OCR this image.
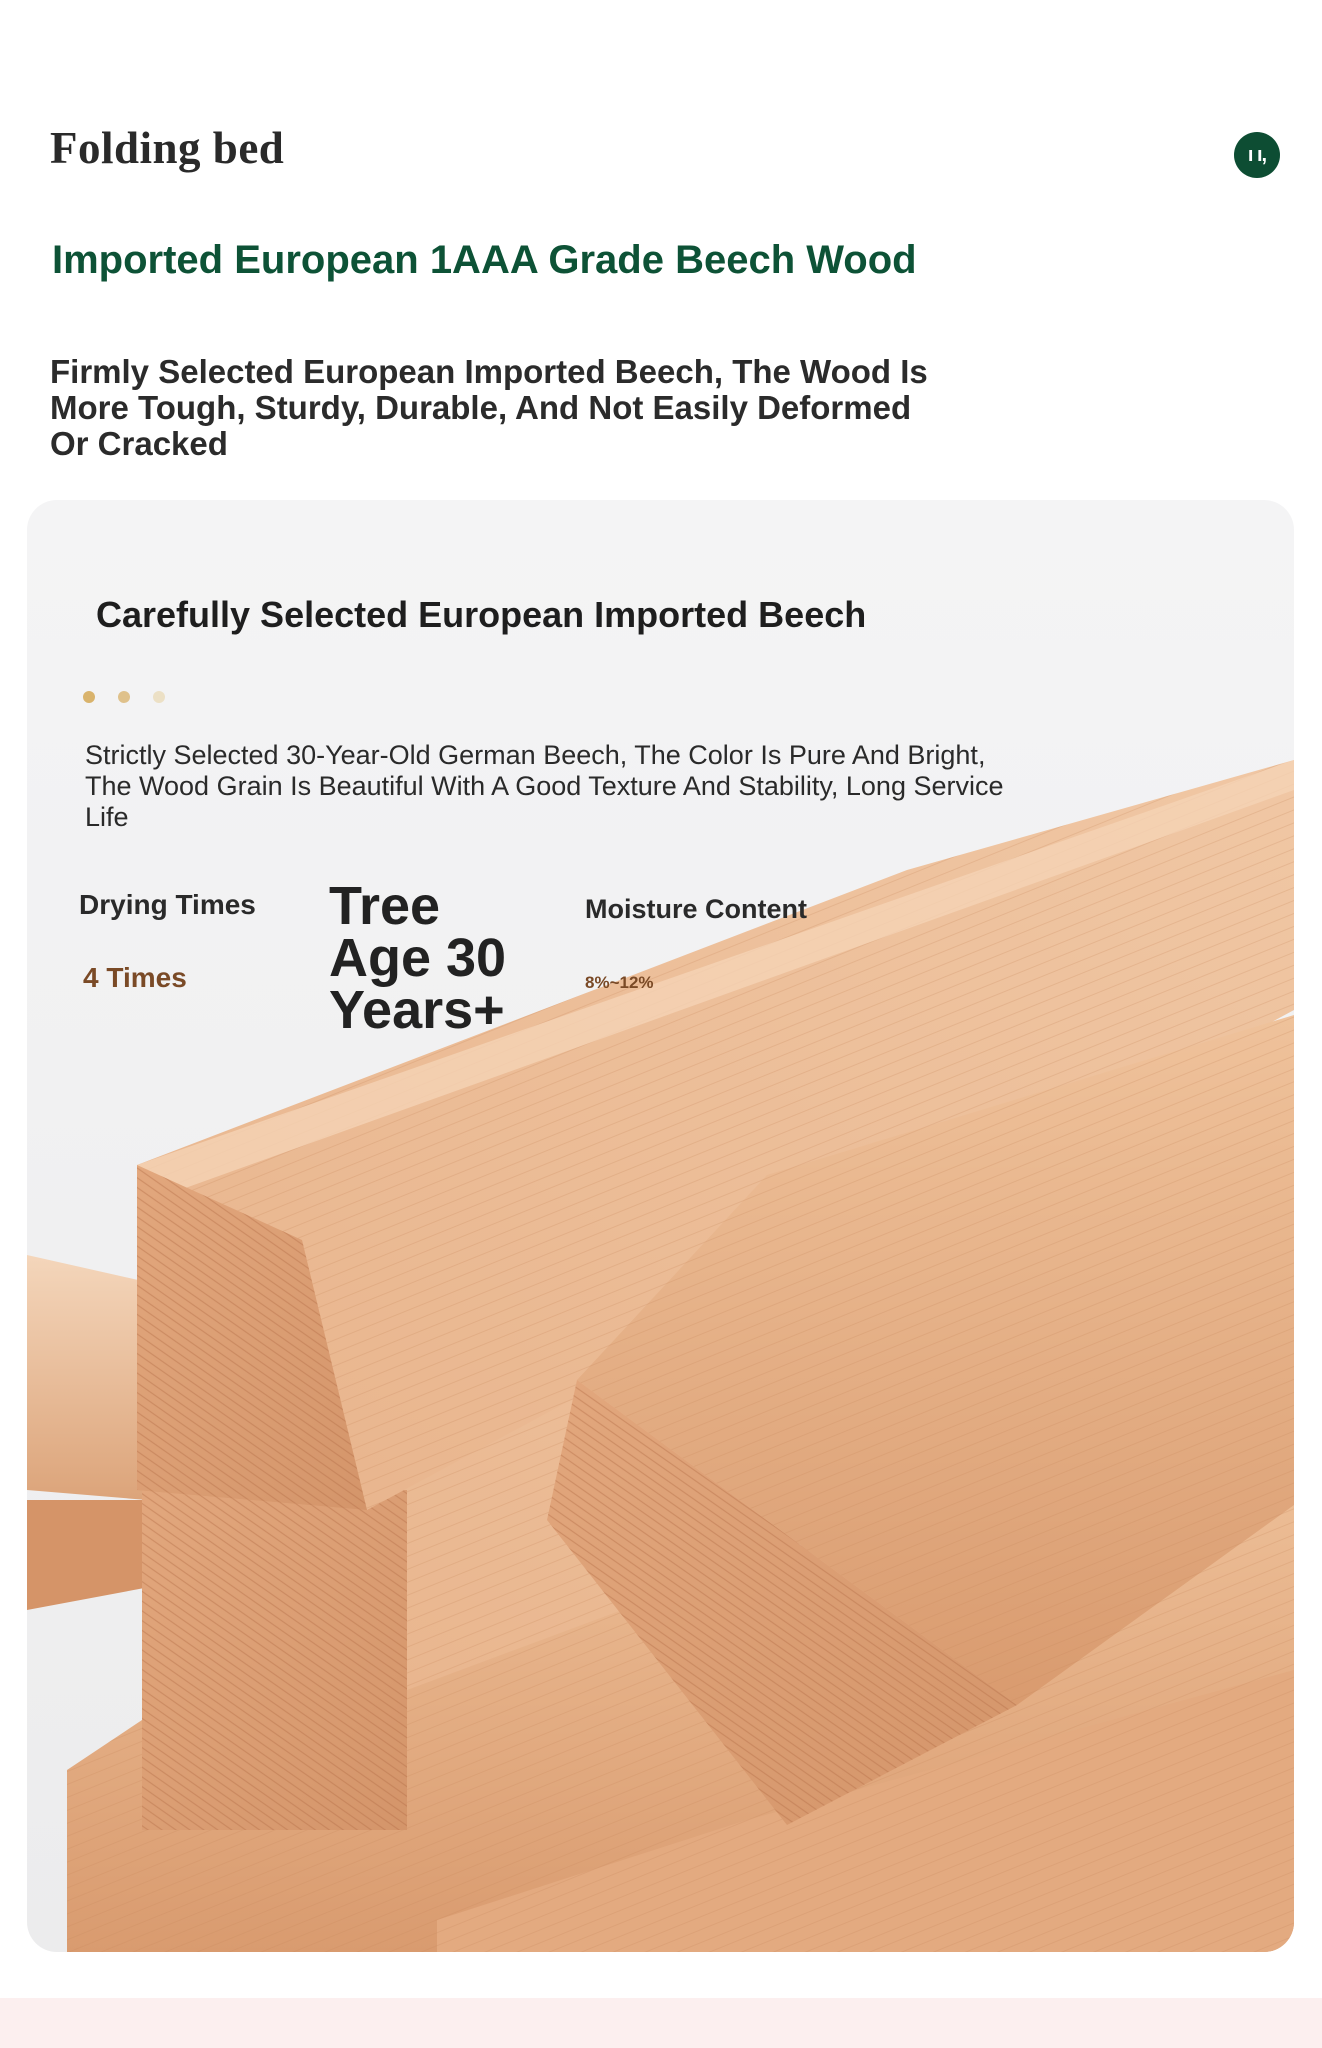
Folding bed	ı ı,
Imported European 1AAA Grade Beech Wood
Firmly Selected European Imported Beech, The Wood Is More Tough, Sturdy, Durable, And Not Easily Deformed Or Cracked
Carefully Selected European Imported Beech
Strictly Selected 30-Year-Old German Beech, The Color Is Pure And Bright, The Wood Grain Is Beautiful With A Good Texture And Stability, Long Service Life
Drying Times
4 Times
Tree Age 30 Years+
Moisture Content
8%~12%
